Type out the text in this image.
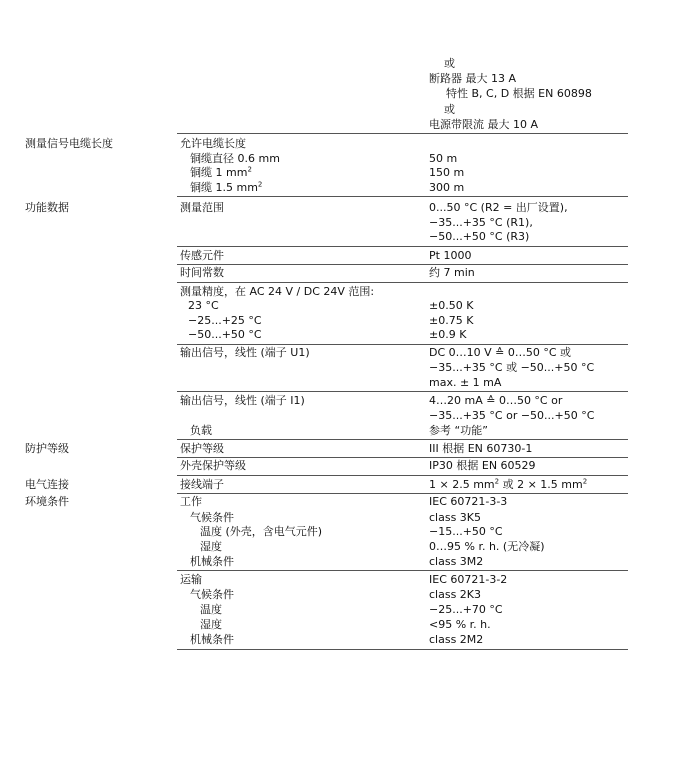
或
断路器 最大 13 A
特性 B, C, D 根据 EN 60898
或
电源带限流 最大 10 A
测量信号电缆长度	允许电缆长度
铜缆直径 0.6 mm	50 m
铜缆 1 $mm^2$	150 m
铜缆 1.5 $mm^2$	300 m
功能数据	测量范围	0...50 °C (R2 = 出厂设置),
−35...+35 °C (R1),
−50...+50 °C (R3)
传感元件	Pt 1000
时间常数	约 7 min
测量精度，在 AC 24 V / DC 24V 范围:
23 °C	±0.50 K
−25...+25 °C	±0.75 K
−50...+50 °C	±0.9 K
输出信号，线性 (端子 U1)	DC 0…10 V ≙ 0…50 °C 或
−35...+35 °C 或 −50...+50 °C
max. ± 1 mA
输出信号，线性 (端子 I1)	4…20 mA ≙ 0…50 °C or
−35...+35 °C or −50...+50 °C
负载	参考 “功能”
防护等级	保护等级	III 根据 EN 60730-1
外壳保护等级	IP30 根据 EN 60529
电气连接	接线端子	1 × 2.5 $mm^2$ 或 2 × 1.5 $mm^2$
环境条件	工作	IEC 60721-3-3
气候条件	class 3K5
温度 (外壳，含电气元件)	−15...+50 °C
湿度	0…95 % r. h. (无冷凝)
机械条件	class 3M2
运输	IEC 60721-3-2
气候条件	class 2K3
温度	−25...+70 °C
湿度	<95 % r. h.
机械条件	class 2M2
